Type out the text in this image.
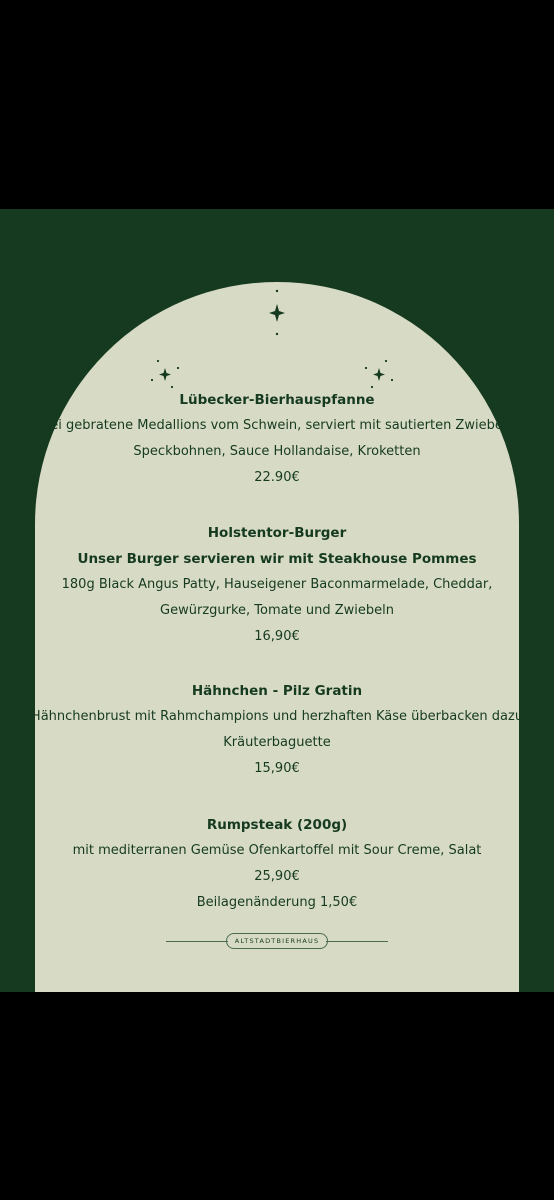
Lübecker-Bierhauspfanne
Drei gebratene Medallions vom Schwein, serviert mit sautierten Zwiebeln,
Speckbohnen, Sauce Hollandaise, Kroketten
22.90€
Holstentor-Burger
Unser Burger servieren wir mit Steakhouse Pommes
180g Black Angus Patty, Hauseigener Baconmarmelade, Cheddar,
Gewürzgurke, Tomate und Zwiebeln
16,90€
Hähnchen - Pilz Gratin
Hähnchenbrust mit Rahmchampions und herzhaften Käse überbacken dazu
Kräuterbaguette
15,90€
Rumpsteak (200g)
mit mediterranen Gemüse Ofenkartoffel mit Sour Creme, Salat
25,90€
Beilagenänderung 1,50€
ALTSTADTBIERHAUS
